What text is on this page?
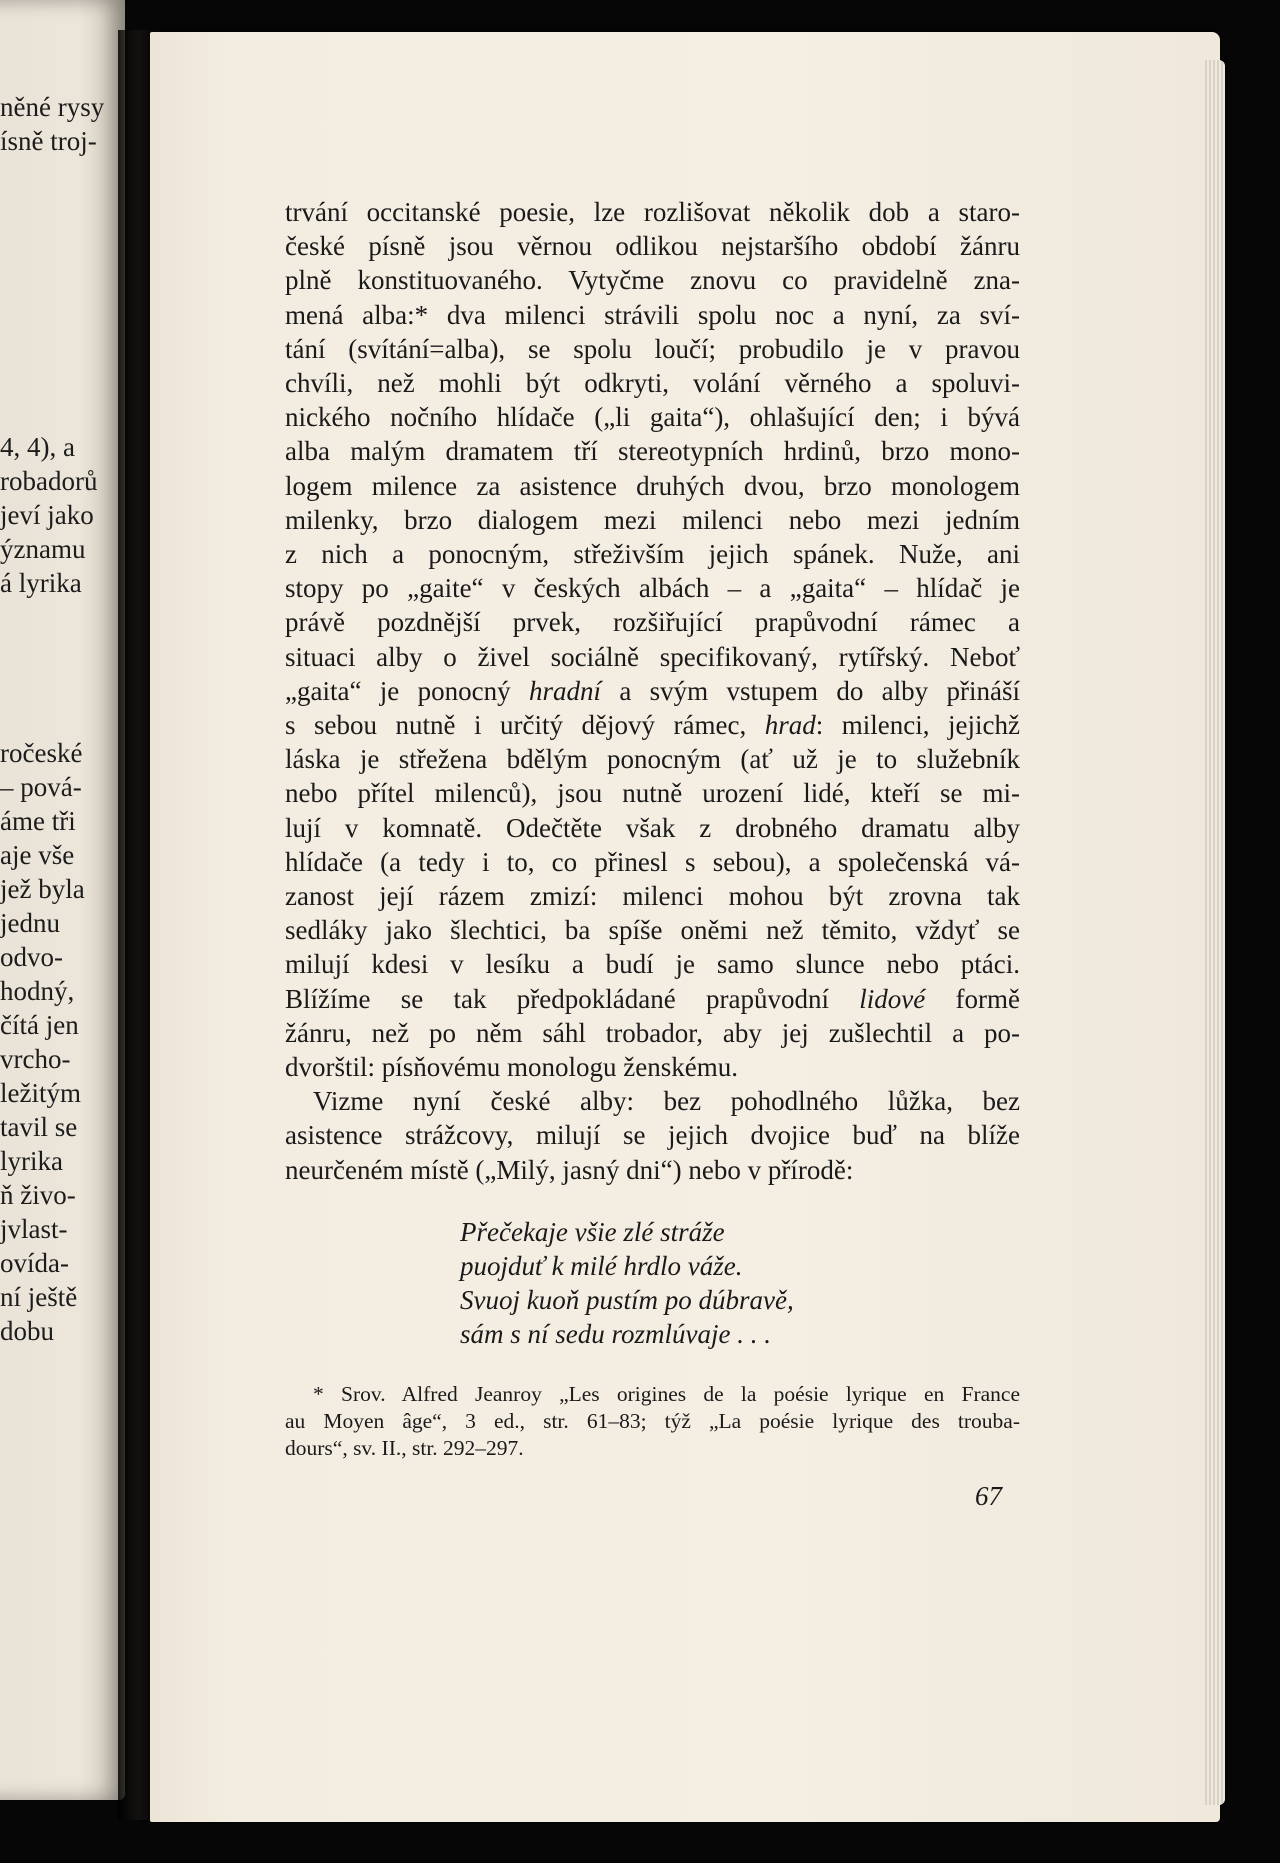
něné rysy
ísně troj-
4, 4), a
robadorů
jeví jako
ýznamu
á lyrika
ročeské
– pová-
áme tři
aje vše
jež byla
jednu
odvo-
hodný,
čítá jen
vrcho-
ležitým
tavil se
lyrika
ň živo-
jvlast-
ovída-
ní ještě
dobu

trvání occitanské poesie, lze rozlišovat několik dob a staro-
české písně jsou věrnou odlikou nejstaršího období žánru
plně konstituovaného. Vytyčme znovu co pravidelně zna-
mená alba:* dva milenci strávili spolu noc a nyní, za sví-
tání (svítání=alba), se spolu loučí; probudilo je v pravou
chvíli, než mohli být odkryti, volání věrného a spoluvi-
nického nočního hlídače („li gaita“), ohlašující den; i bývá
alba malým dramatem tří stereotypních hrdinů, brzo mono-
logem milence za asistence druhých dvou, brzo monologem
milenky, brzo dialogem mezi milenci nebo mezi jedním
z nich a ponocným, střeživším jejich spánek. Nuže, ani
stopy po „gaite“ v českých albách – a „gaita“ – hlídač je
právě pozdnější prvek, rozšiřující prapůvodní rámec a
situaci alby o živel sociálně specifikovaný, rytířský. Neboť
„gaita“ je ponocný hradní a svým vstupem do alby přináší
s sebou nutně i určitý dějový rámec, hrad: milenci, jejichž
láska je střežena bdělým ponocným (ať už je to služebník
nebo přítel milenců), jsou nutně urození lidé, kteří se mi-
lují v komnatě. Odečtěte však z drobného dramatu alby
hlídače (a tedy i to, co přinesl s sebou), a společenská vá-
zanost její rázem zmizí: milenci mohou být zrovna tak
sedláky jako šlechtici, ba spíše oněmi než těmito, vždyť se
milují kdesi v lesíku a budí je samo slunce nebo ptáci.
Blížíme se tak předpokládané prapůvodní lidové formě
žánru, než po něm sáhl trobador, aby jej zušlechtil a po-
dvorštil: písňovému monologu ženskému.

Vizme nyní české alby: bez pohodlného lůžka, bez
asistence strážcovy, milují se jejich dvojice buď na blíže
neurčeném místě („Milý, jasný dni“) nebo v přírodě:

Přečekaje všie zlé stráže
puojduť k milé hrdlo váže.
Svuoj kuoň pustím po dúbravě,
sám s ní sedu rozmlúvaje . . .
* Srov. Alfred Jeanroy „Les origines de la poésie lyrique en France
au Moyen âge“, 3 ed., str. 61–83; týž „La poésie lyrique des trouba-
dours“, sv. II., str. 292–297.
67
